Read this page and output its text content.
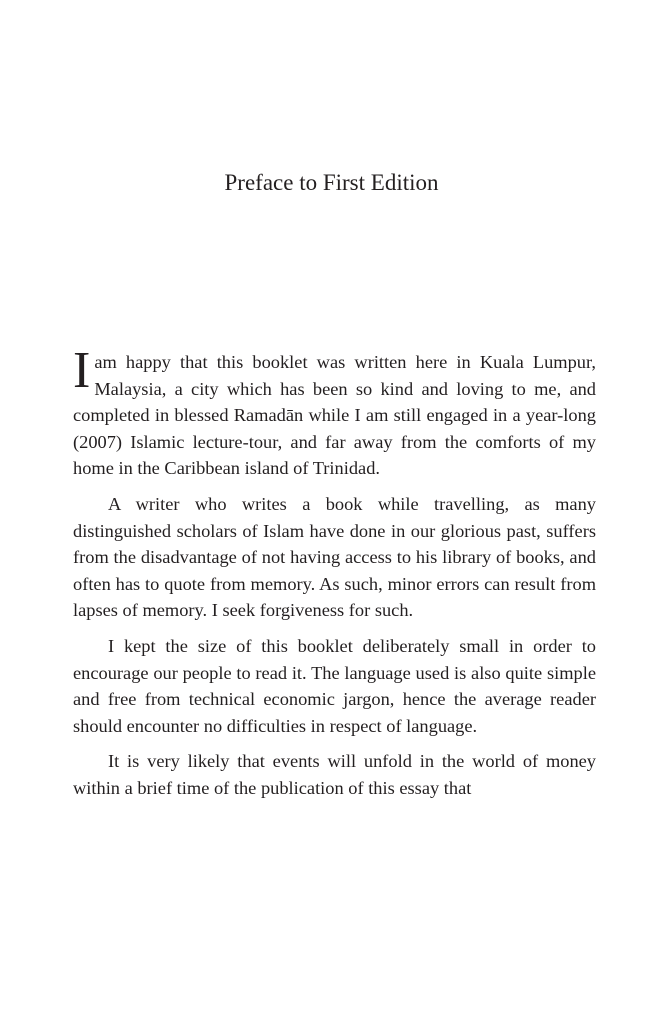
Preface to First Edition

Iam happy that this booklet was written here in Kuala Lumpur, Malaysia, a city which has been so kind and loving to me, and completed in blessed Ramadān while I am still engaged in a year-long (2007) Islamic lecture-tour, and far away from the comforts of my home in the Caribbean island of Trinidad.

A writer who writes a book while travelling, as many distinguished scholars of Islam have done in our glorious past, suffers from the disadvantage of not having access to his library of books, and often has to quote from memory. As such, minor errors can result from lapses of memory. I seek forgiveness for such.

I kept the size of this booklet deliberately small in order to encourage our people to read it. The language used is also quite simple and free from technical economic jargon, hence the average reader should encounter no difficulties in respect of language.

It is very likely that events will unfold in the world of money within a brief time of the publication of this essay that
